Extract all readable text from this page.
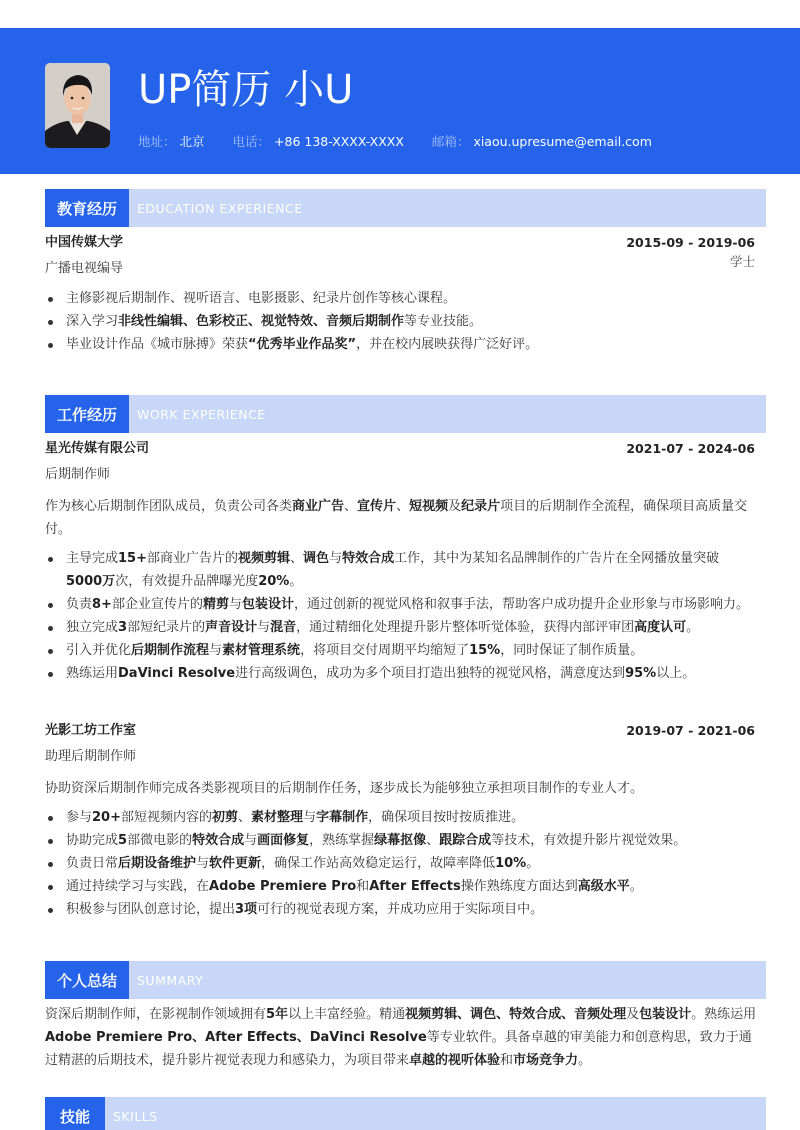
UP简历 小U
地址： 北京 电话： +86 138-XXXX-XXXX 邮箱： xiaou.upresume@email.com
教育经历	EDUCATION EXPERIENCE
中国传媒大学	2015-09 - 2019-06
广播电视编导	学士
主修影视后期制作、视听语言、电影摄影、纪录片创作等核心课程。
深入学习非线性编辑、色彩校正、视觉特效、音频后期制作等专业技能。
毕业设计作品《城市脉搏》荣获“优秀毕业作品奖”，并在校内展映获得广泛好评。
工作经历	WORK EXPERIENCE
星光传媒有限公司	2021-07 - 2024-06
后期制作师
作为核心后期制作团队成员，负责公司各类商业广告、宣传片、短视频及纪录片项目的后期制作全流程，确保项目高质量交付。
主导完成15+部商业广告片的视频剪辑、调色与特效合成工作，其中为某知名品牌制作的广告片在全网播放量突破5000万次，有效提升品牌曝光度20%。
负责8+部企业宣传片的精剪与包装设计，通过创新的视觉风格和叙事手法，帮助客户成功提升企业形象与市场影响力。
独立完成3部短纪录片的声音设计与混音，通过精细化处理提升影片整体听觉体验，获得内部评审团高度认可。
引入并优化后期制作流程与素材管理系统，将项目交付周期平均缩短了15%，同时保证了制作质量。
熟练运用DaVinci Resolve进行高级调色，成功为多个项目打造出独特的视觉风格，满意度达到95%以上。
光影工坊工作室	2019-07 - 2021-06
助理后期制作师
协助资深后期制作师完成各类影视项目的后期制作任务，逐步成长为能够独立承担项目制作的专业人才。
参与20+部短视频内容的初剪、素材整理与字幕制作，确保项目按时按质推进。
协助完成5部微电影的特效合成与画面修复，熟练掌握绿幕抠像、跟踪合成等技术，有效提升影片视觉效果。
负责日常后期设备维护与软件更新，确保工作站高效稳定运行，故障率降低10%。
通过持续学习与实践，在Adobe Premiere Pro和After Effects操作熟练度方面达到高级水平。
积极参与团队创意讨论，提出3项可行的视觉表现方案，并成功应用于实际项目中。
个人总结	SUMMARY
资深后期制作师，在影视制作领域拥有5年以上丰富经验。精通视频剪辑、调色、特效合成、音频处理及包装设计。熟练运用Adobe Premiere Pro、After Effects、DaVinci Resolve等专业软件。具备卓越的审美能力和创意构思，致力于通过精湛的后期技术，提升影片视觉表现力和感染力，为项目带来卓越的视听体验和市场竞争力。
技能	SKILLS
